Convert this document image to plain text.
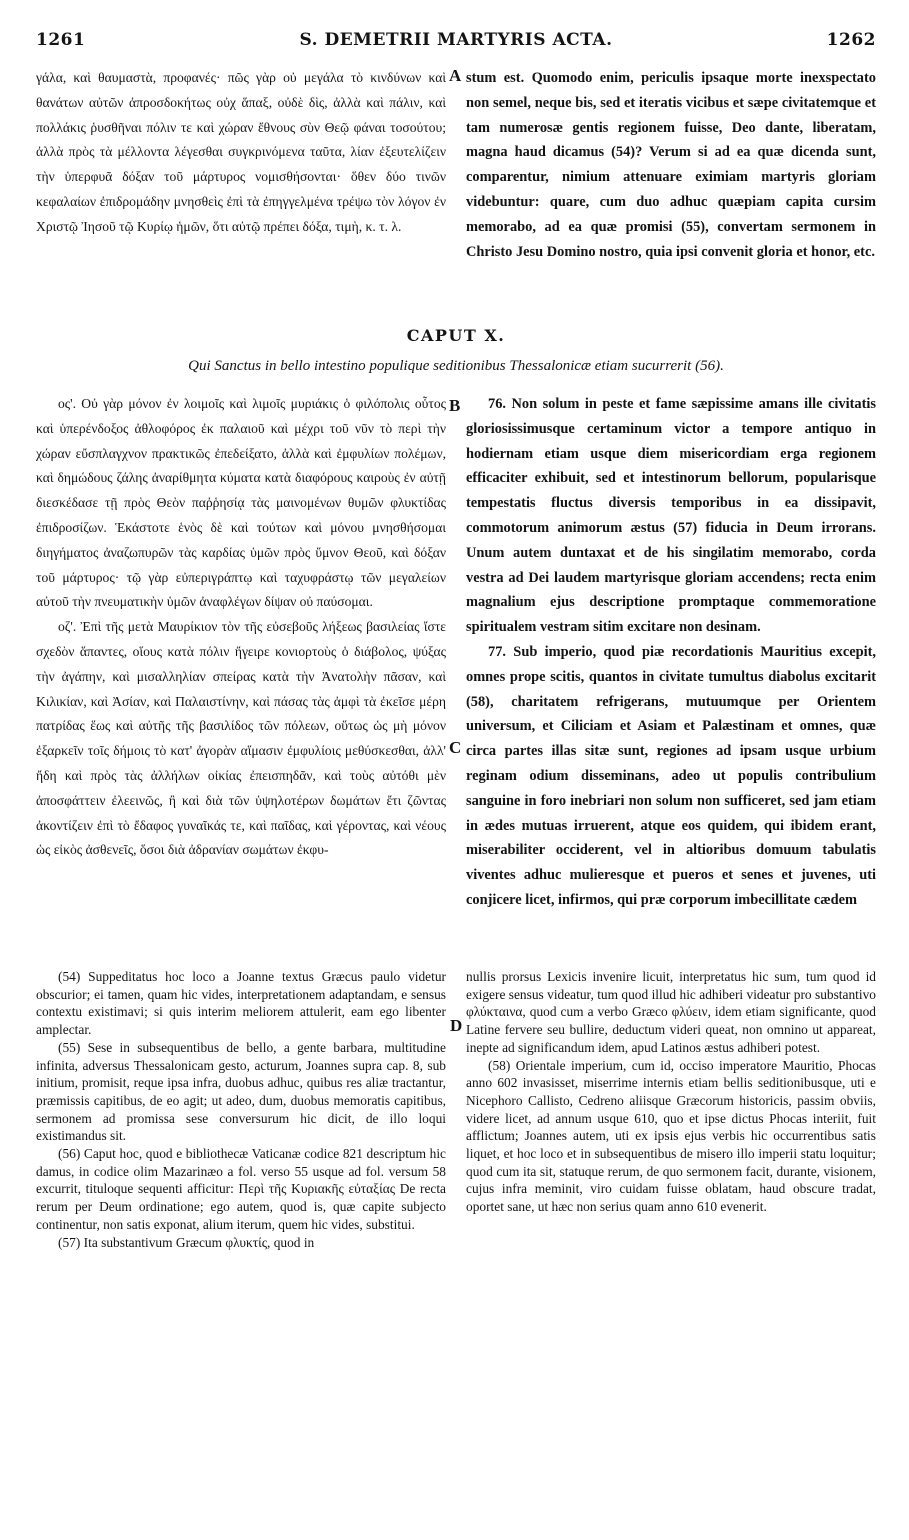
1261	S. DEMETRII MARTYRIS ACTA.	1262

γάλα, καὶ θαυμαστὰ, προφανές· πῶς γὰρ οὐ μεγάλα τὸ κινδύνων καὶ θανάτων αὐτῶν ἀπροσδοκήτως οὐχ ἅπαξ, οὐδὲ δὶς, ἀλλὰ καὶ πάλιν, καὶ πολλάκις ῥυσθῆναι πόλιν τε καὶ χώραν ἔθνους σὺν Θεῷ φάναι τοσούτου; ἀλλὰ πρὸς τὰ μέλλοντα λέγεσθαι συγκρινόμενα ταῦτα, λίαν ἐξευτελίζειν τὴν ὑπερφυᾶ δόξαν τοῦ μάρτυρος νομισθήσονται· ὅθεν δύο τινῶν κεφαλαίων ἐπιδρομάδην μνησθεὶς ἐπὶ τὰ ἐπηγγελμένα τρέψω τὸν λόγον ἐν Χριστῷ Ἰησοῦ τῷ Κυρίῳ ἡμῶν, ὅτι αὐτῷ πρέπει δόξα, τιμὴ, κ. τ. λ.

A stum est. Quomodo enim, periculis ipsaque morte inexspectato non semel, neque bis, sed et iteratis vicibus et sæpe civitatemque et tam numerosæ gentis regionem fuisse, Deo dante, liberatam, magna haud dicamus (54)? Verum si ad ea quæ dicenda sunt, comparentur, nimium attenuare eximiam martyris gloriam videbuntur: quare, cum duo adhuc quæpiam capita cursim memorabo, ad ea quæ promisi (55), convertam sermonem in Christo Jesu Domino nostro, quia ipsi convenit gloria et honor, etc.

CAPUT X.
Qui Sanctus in bello intestino populique seditionibus Thessalonicæ etiam sucurrerit (56).

ος'. Οὐ γὰρ μόνον ἐν λοιμοῖς καὶ λιμοῖς μυριάκις ὁ φιλόπολις οὗτος καὶ ὑπερένδοξος ἀθλοφόρος ἐκ παλαιοῦ καὶ μέχρι τοῦ νῦν τὸ περὶ τὴν χώραν εὔσπλαγχνον πρακτικῶς ἐπεδείξατο, ἀλλὰ καὶ ἐμφυλίων πολέμων, καὶ δημώδους ζάλης ἀναρίθμητα κύματα κατὰ διαφόρους καιροὺς ἐν αὐτῇ διεσκέδασε τῇ πρὸς Θεὸν παῤῥησίᾳ τὰς μαινομένων θυμῶν φλυκτίδας ἐπιδροσίζων. Ἑκάστοτε ἑνὸς δὲ καὶ τούτων καὶ μόνου μνησθήσομαι διηγήματος ἀναζωπυρῶν τὰς καρδίας ὑμῶν πρὸς ὕμνον Θεοῦ, καὶ δόξαν τοῦ μάρτυρος· τῷ γὰρ εὐπεριγράπτῳ καὶ ταχυφράστῳ τῶν μεγαλείων αὐτοῦ τὴν πνευματικὴν ὑμῶν ἀναφλέγων δίψαν οὐ παύσομαι.

οζ'. Ἐπὶ τῆς μετὰ Μαυρίκιον τὸν τῆς εὐσεβοῦς λήξεως βασιλείας ἴστε σχεδὸν ἅπαντες, οἵους κατὰ πόλιν ἤγειρε κονιορτοὺς ὁ διάβολος, ψύξας τὴν ἀγάπην, καὶ μισαλληλίαν σπείρας κατὰ τὴν Ἀνατολὴν πᾶσαν, καὶ Κιλικίαν, καὶ Ἀσίαν, καὶ Παλαιστίνην, καὶ πάσας τὰς ἀμφὶ τὰ ἐκεῖσε μέρη πατρίδας ἕως καὶ αὐτῆς τῆς βασιλίδος τῶν πόλεων, οὕτως ὡς μὴ μόνον ἐξαρκεῖν τοῖς δήμοις τὸ κατ' ἀγορὰν αἵμασιν ἐμφυλίοις μεθύσκεσθαι, ἀλλ' ἤδη καὶ πρὸς τὰς ἀλλήλων οἰκίας ἐπεισπηδᾶν, καὶ τοὺς αὐτόθι μὲν ἀποσφάττειν ἐλεεινῶς, ἢ καὶ διὰ τῶν ὑψηλοτέρων δωμάτων ἔτι ζῶντας ἀκοντίζειν ἐπὶ τὸ ἔδαφος γυναῖκάς τε, καὶ παῖδας, καὶ γέροντας, καὶ νέους ὡς εἰκὸς ἀσθενεῖς, ὅσοι διὰ ἀδρανίαν σωμάτων ἐκφυ-

B
C

76. Non solum in peste et fame sæpissime amans ille civitatis gloriosissimusque certaminum victor a tempore antiquo in hodiernam etiam usque diem misericordiam erga regionem efficaciter exhibuit, sed et intestinorum bellorum, popularisque tempestatis fluctus diversis temporibus in ea dissipavit, commotorum animorum æstus (57) fiducia in Deum irrorans. Unum autem duntaxat et de his singilatim memorabo, corda vestra ad Dei laudem martyrisque gloriam accendens; recta enim magnalium ejus descriptione promptaque commemoratione spiritualem vestram sitim excitare non desinam.

77. Sub imperio, quod piæ recordationis Mauritius excepit, omnes prope scitis, quantos in civitate tumultus diabolus excitarit (58), charitatem refrigerans, mutuumque per Orientem universum, et Ciliciam et Asiam et Palæstinam et omnes, quæ circa partes illas sitæ sunt, regiones ad ipsam usque urbium reginam odium disseminans, adeo ut populis contribulium sanguine in foro inebriari non solum non sufficeret, sed jam etiam in ædes mutuas irruerent, atque eos quidem, qui ibidem erant, miserabiliter occiderent, vel in altioribus domuum tabulatis viventes adhuc mulieresque et pueros et senes et juvenes, uti conjicere licet, infirmos, qui præ corporum imbecillitate cædem

(54) Suppeditatus hoc loco a Joanne textus Græcus paulo videtur obscurior; ei tamen, quam hic vides, interpretationem adaptandam, e sensus contextu existimavi; si quis interim meliorem attulerit, eam ego libenter amplectar.

(55) Sese in subsequentibus de bello, a gente barbara, multitudine infinita, adversus Thessalonicam gesto, acturum, Joannes supra cap. 8, sub initium, promisit, reque ipsa infra, duobus adhuc, quibus res aliæ tractantur, præmissis capitibus, de eo agit; ut adeo, dum, duobus memoratis capitibus, sermonem ad promissa sese conversurum hic dicit, de illo loqui existimandus sit.

(56) Caput hoc, quod e bibliothecæ Vaticanæ codice 821 descriptum hic damus, in codice olim Mazarinæo a fol. verso 55 usque ad fol. versum 58 excurrit, tituloque sequenti afficitur: Περὶ τῆς Κυριακῆς εὐταξίας De recta rerum per Deum ordinatione; ego autem, quod is, quæ capite subjecto continentur, non satis exponat, alium iterum, quem hic vides, substitui.

(57) Ita substantivum Græcum φλυκτίς, quod in

D

nullis prorsus Lexicis invenire licuit, interpretatus hic sum, tum quod id exigere sensus videatur, tum quod illud hic adhiberi videatur pro substantivo φλύκταινα, quod cum a verbo Græco φλύειν, idem etiam significante, quod Latine fervere seu bullire, deductum videri queat, non omnino ut appareat, inepte ad significandum idem, apud Latinos æstus adhiberi potest.

(58) Orientale imperium, cum id, occiso imperatore Mauritio, Phocas anno 602 invasisset, miserrime internis etiam bellis seditionibusque, uti e Nicephoro Callisto, Cedreno aliisque Græcorum historicis, passim obviis, videre licet, ad annum usque 610, quo et ipse dictus Phocas interiit, fuit afflictum; Joannes autem, uti ex ipsis ejus verbis hic occurrentibus satis liquet, et hoc loco et in subsequentibus de misero illo imperii statu loquitur; quod cum ita sit, statuque rerum, de quo sermonem facit, durante, visionem, cujus infra meminit, viro cuidam fuisse oblatam, haud obscure tradat, oportet sane, ut hæc non serius quam anno 610 evenerit.
